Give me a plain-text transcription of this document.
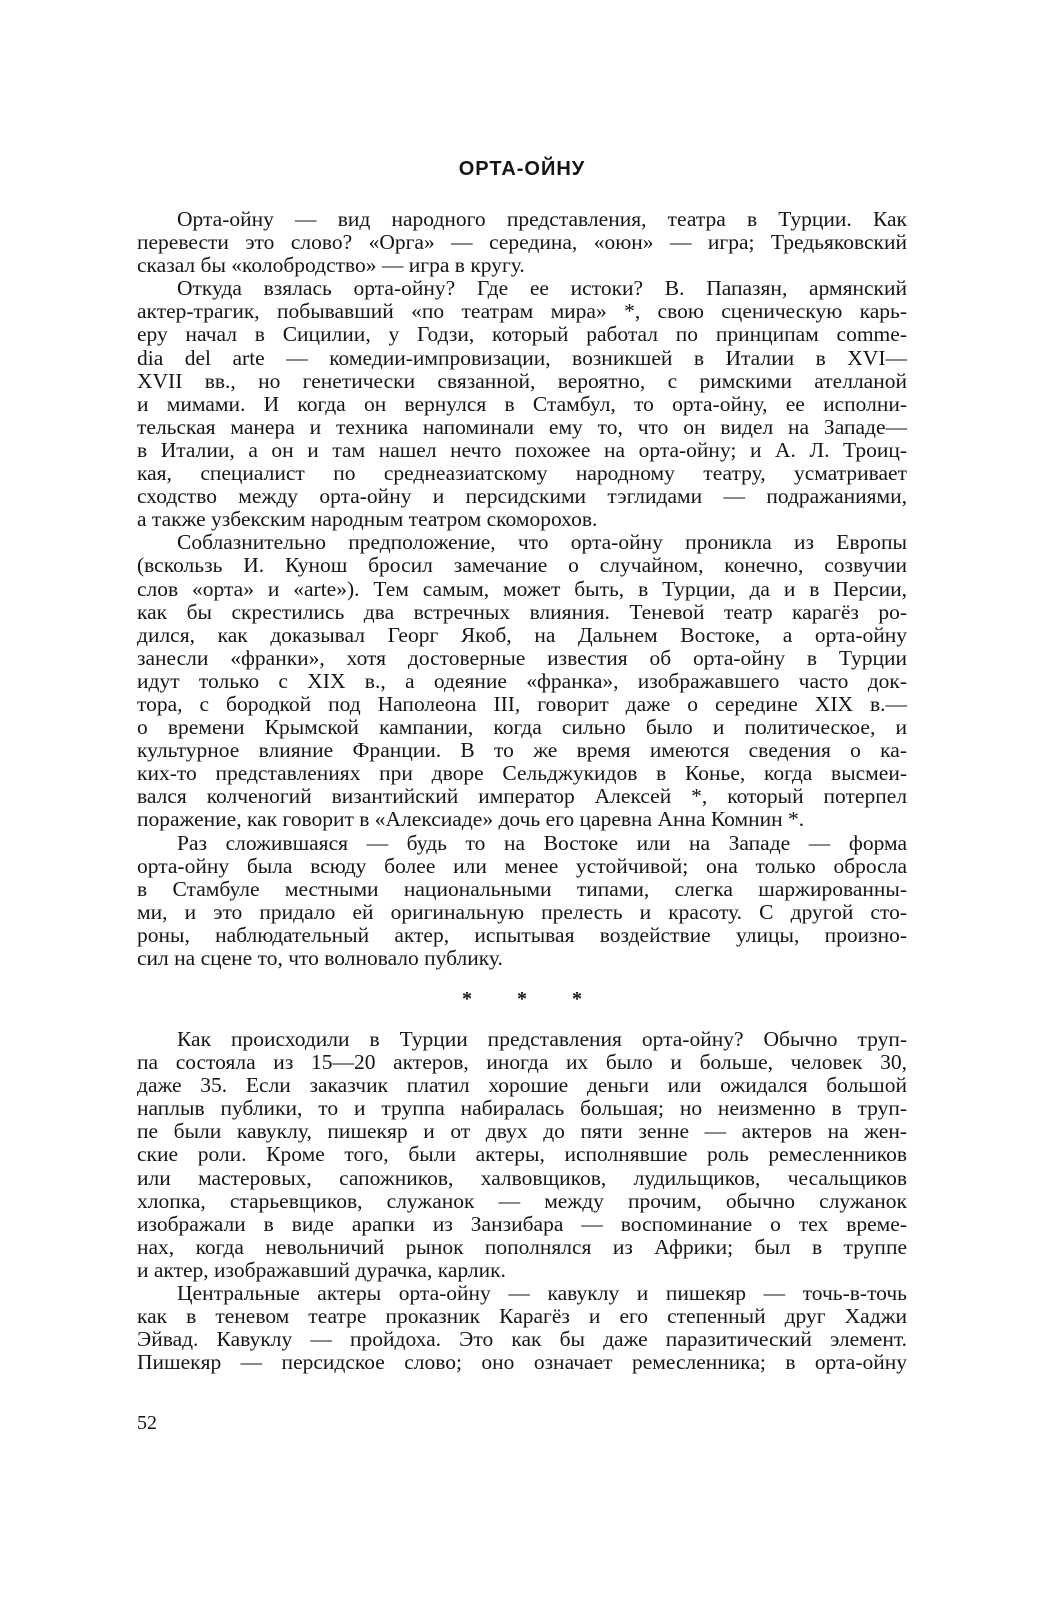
ОРТА-ОЙНУ
Орта-ойну — вид народного представления, театра в Турции. Как
перевести это слово? «Орга» — середина, «оюн» — игра; Тредьяковский
сказал бы «колобродство» — игра в кругу.
Откуда взялась орта-ойну? Где ее истоки? В. Папазян, армянский
актер-трагик, побывавший «по театрам мира» *, свою сценическую карь-
еру начал в Сицилии, у Годзи, который работал по принципам comme-
dia del arte — комедии-импровизации, возникшей в Италии в XVI—
XVII вв., но генетически связанной, вероятно, с римскими ателланой
и мимами. И когда он вернулся в Стамбул, то орта-ойну, ее исполни-
тельская манера и техника напоминали ему то, что он видел на Западе—
в Италии, а он и там нашел нечто похожее на орта-ойну; и А. Л. Троиц-
кая, специалист по среднеазиатскому народному театру, усматривает
сходство между орта-ойну и персидскими тэглидами — подражаниями,
а также узбекским народным театром скоморохов.
Соблазнительно предположение, что орта-ойну проникла из Европы
(вскользь И. Кунош бросил замечание о случайном, конечно, созвучии
слов «орта» и «arte»). Тем самым, может быть, в Турции, да и в Персии,
как бы скрестились два встречных влияния. Теневой театр карагёз ро-
дился, как доказывал Георг Якоб, на Дальнем Востоке, а орта-ойну
занесли «франки», хотя достоверные известия об орта-ойну в Турции
идут только с XIX в., а одеяние «франка», изображавшего часто док-
тора, с бородкой под Наполеона III, говорит даже о середине XIX в.—
о времени Крымской кампании, когда сильно было и политическое, и
культурное влияние Франции. В то же время имеются сведения о ка-
ких-то представлениях при дворе Сельджукидов в Конье, когда высмеи-
вался колченогий византийский император Алексей *, который потерпел
поражение, как говорит в «Алексиаде» дочь его царевна Анна Комнин *.
Раз сложившаяся — будь то на Востоке или на Западе — форма
орта-ойну была всюду более или менее устойчивой; она только обросла
в Стамбуле местными национальными типами, слегка шаржированны-
ми, и это придало ей оригинальную прелесть и красоту. С другой сто-
роны, наблюдательный актер, испытывая воздействие улицы, произно-
сил на сцене то, что волновало публику.
* * *
Как происходили в Турции представления орта-ойну? Обычно труп-
па состояла из 15—20 актеров, иногда их было и больше, человек 30,
даже 35. Если заказчик платил хорошие деньги или ожидался большой
наплыв публики, то и труппа набиралась большая; но неизменно в труп-
пе были кавуклу, пишекяр и от двух до пяти зенне — актеров на жен-
ские роли. Кроме того, были актеры, исполнявшие роль ремесленников
или мастеровых, сапожников, халвовщиков, лудильщиков, чесальщиков
хлопка, старьевщиков, служанок — между прочим, обычно служанок
изображали в виде арапки из Занзибара — воспоминание о тех време-
нах, когда невольничий рынок пополнялся из Африки; был в труппе
и актер, изображавший дурачка, карлик.
Центральные актеры орта-ойну — кавуклу и пишекяр — точь-в-точь
как в теневом театре проказник Карагёз и его степенный друг Хаджи
Эйвад. Кавуклу — пройдоха. Это как бы даже паразитический элемент.
Пишекяр — персидское слово; оно означает ремесленника; в орта-ойну
52
